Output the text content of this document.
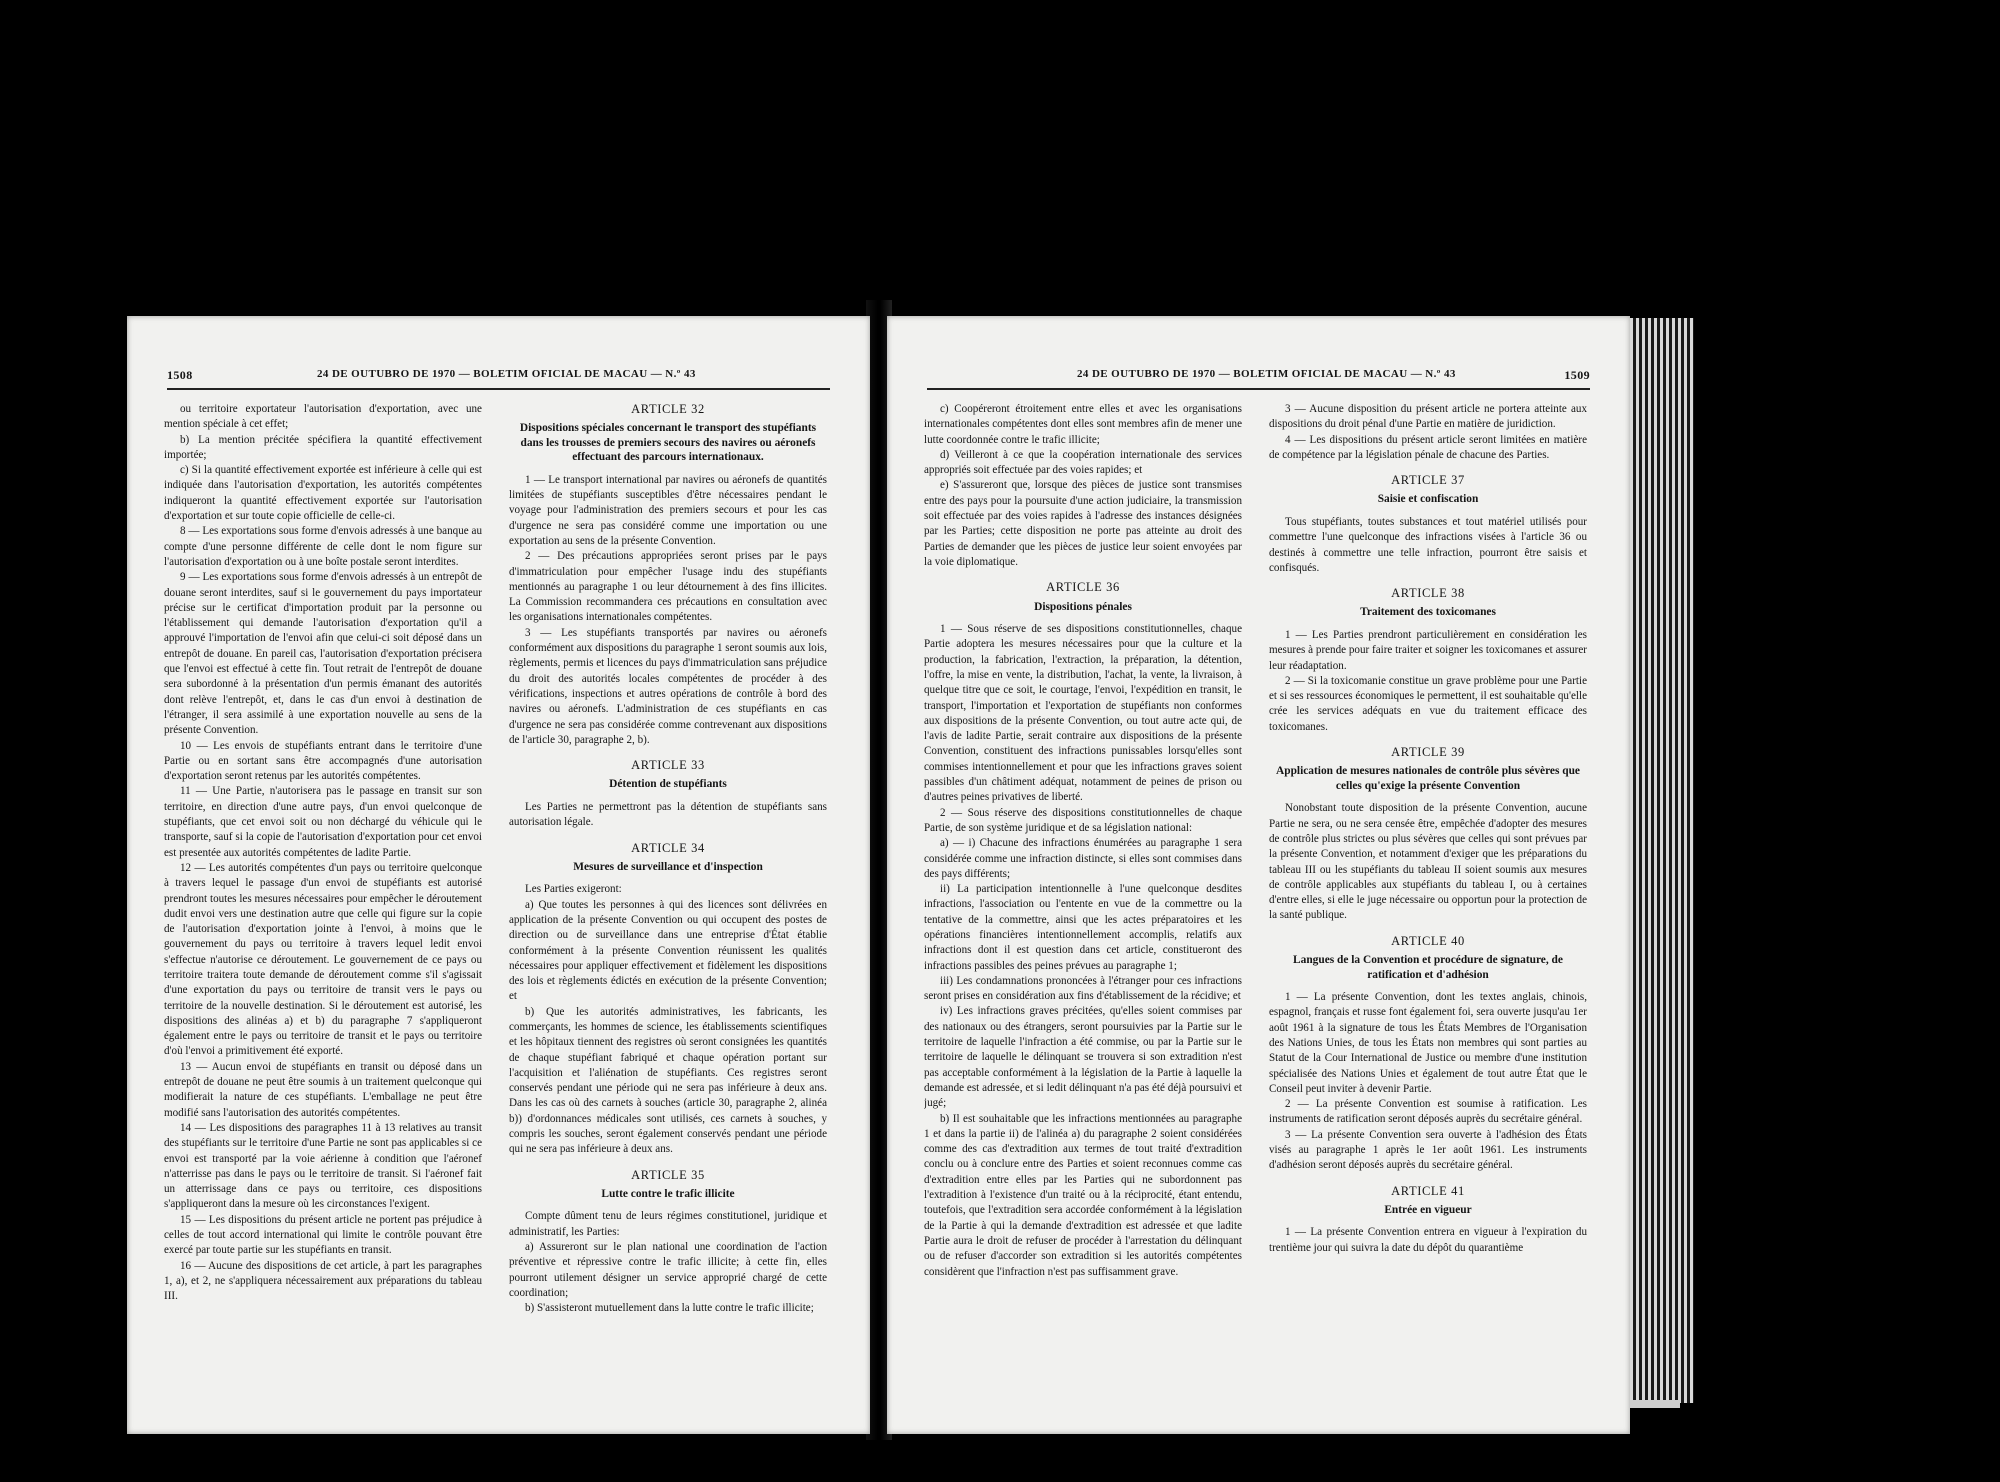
1508	24 DE OUTUBRO DE 1970 — BOLETIM OFICIAL DE MACAU — N.º 43

ou territoire exportateur l'autorisation d'exportation, avec une mention spéciale à cet effet;

b) La mention précitée spécifiera la quantité effectivement importée;

c) Si la quantité effectivement exportée est inférieure à celle qui est indiquée dans l'autorisation d'exportation, les autorités compétentes indiqueront la quantité effectivement exportée sur l'autorisation d'exportation et sur toute copie officielle de celle-ci.

8 — Les exportations sous forme d'envois adressés à une banque au compte d'une personne différente de celle dont le nom figure sur l'autorisation d'exportation ou à une boîte postale seront interdites.

9 — Les exportations sous forme d'envois adressés à un entrepôt de douane seront interdites, sauf si le gouvernement du pays importateur précise sur le certificat d'importation produit par la personne ou l'établissement qui demande l'autorisation d'exportation qu'il a approuvé l'importation de l'envoi afin que celui-ci soit déposé dans un entrepôt de douane. En pareil cas, l'autorisation d'exportation précisera que l'envoi est effectué à cette fin. Tout retrait de l'entrepôt de douane sera subordonné à la présentation d'un permis émanant des autorités dont relève l'entrepôt, et, dans le cas d'un envoi à destination de l'étranger, il sera assimilé à une exportation nouvelle au sens de la présente Convention.

10 — Les envois de stupéfiants entrant dans le territoire d'une Partie ou en sortant sans être accompagnés d'une autorisation d'exportation seront retenus par les autorités compétentes.

11 — Une Partie, n'autorisera pas le passage en transit sur son territoire, en direction d'une autre pays, d'un envoi quelconque de stupéfiants, que cet envoi soit ou non déchargé du véhicule qui le transporte, sauf si la copie de l'autorisation d'exportation pour cet envoi est presentée aux autorités compétentes de ladite Partie.

12 — Les autorités compétentes d'un pays ou territoire quelconque à travers lequel le passage d'un envoi de stupéfiants est autorisé prendront toutes les mesures nécessaires pour empêcher le déroutement dudit envoi vers une destination autre que celle qui figure sur la copie de l'autorisation d'exportation jointe à l'envoi, à moins que le gouvernement du pays ou territoire à travers lequel ledit envoi s'effectue n'autorise ce déroutement. Le gouvernement de ce pays ou territoire traitera toute demande de déroutement comme s'il s'agissait d'une exportation du pays ou territoire de transit vers le pays ou territoire de la nouvelle destination. Si le déroutement est autorisé, les dispositions des alinéas a) et b) du paragraphe 7 s'appliqueront également entre le pays ou territoire de transit et le pays ou territoire d'où l'envoi a primitivement été exporté.

13 — Aucun envoi de stupéfiants en transit ou déposé dans un entrepôt de douane ne peut être soumis à un traitement quelconque qui modifierait la nature de ces stupéfiants. L'emballage ne peut être modifié sans l'autorisation des autorités compétentes.

14 — Les dispositions des paragraphes 11 à 13 relatives au transit des stupéfiants sur le territoire d'une Partie ne sont pas applicables si ce envoi est transporté par la voie aérienne à condition que l'aéronef n'atterrisse pas dans le pays ou le territoire de transit. Si l'aéronef fait un atterrissage dans ce pays ou territoire, ces dispositions s'appliqueront dans la mesure où les circonstances l'exigent.

15 — Les dispositions du présent article ne portent pas préjudice à celles de tout accord international qui limite le contrôle pouvant être exercé par toute partie sur les stupéfiants en transit.

16 — Aucune des dispositions de cet article, à part les paragraphes 1, a), et 2, ne s'appliquera nécessairement aux préparations du tableau III.

ARTICLE 32
Dispositions spéciales concernant le transport des stupéfiants dans les trousses de premiers secours des navires ou aéronefs effectuant des parcours internationaux.

1 — Le transport international par navires ou aéronefs de quantités limitées de stupéfiants susceptibles d'être nécessaires pendant le voyage pour l'administration des premiers secours et pour les cas d'urgence ne sera pas considéré comme une importation ou une exportation au sens de la présente Convention.

2 — Des précautions appropriées seront prises par le pays d'immatriculation pour empêcher l'usage indu des stupéfiants mentionnés au paragraphe 1 ou leur détournement à des fins illicites. La Commission recommandera ces précautions en consultation avec les organisations internationales compétentes.

3 — Les stupéfiants transportés par navires ou aéronefs conformément aux dispositions du paragraphe 1 seront soumis aux lois, règlements, permis et licences du pays d'immatriculation sans préjudice du droit des autorités locales compétentes de procéder à des vérifications, inspections et autres opérations de contrôle à bord des navires ou aéronefs. L'administration de ces stupéfiants en cas d'urgence ne sera pas considérée comme contrevenant aux dispositions de l'article 30, paragraphe 2, b).

ARTICLE 33
Détention de stupéfiants

Les Parties ne permettront pas la détention de stupéfiants sans autorisation légale.

ARTICLE 34
Mesures de surveillance et d'inspection

Les Parties exigeront:

a) Que toutes les personnes à qui des licences sont délivrées en application de la présente Convention ou qui occupent des postes de direction ou de surveillance dans une entreprise d'État établie conformément à la présente Convention réunissent les qualités nécessaires pour appliquer effectivement et fidèlement les dispositions des lois et règlements édictés en exécution de la présente Convention; et

b) Que les autorités administratives, les fabricants, les commerçants, les hommes de science, les établissements scientifiques et les hôpitaux tiennent des registres où seront consignées les quantités de chaque stupéfiant fabriqué et chaque opération portant sur l'acquisition et l'aliénation de stupéfiants. Ces registres seront conservés pendant une période qui ne sera pas inférieure à deux ans. Dans les cas où des carnets à souches (article 30, paragraphe 2, alinéa b)) d'ordonnances médicales sont utilisés, ces carnets à souches, y compris les souches, seront également conservés pendant une période qui ne sera pas inférieure à deux ans.

ARTICLE 35
Lutte contre le trafic illicite

Compte dûment tenu de leurs régimes constitutionel, juridique et administratif, les Parties:

a) Assureront sur le plan national une coordination de l'action préventive et répressive contre le trafic illicite; à cette fin, elles pourront utilement désigner un service approprié chargé de cette coordination;

b) S'assisteront mutuellement dans la lutte contre le trafic illicite;

24 DE OUTUBRO DE 1970 — BOLETIM OFICIAL DE MACAU — N.º 43	1509

c) Coopéreront étroitement entre elles et avec les organisations internationales compétentes dont elles sont membres afin de mener une lutte coordonnée contre le trafic illicite;

d) Veilleront à ce que la coopération internationale des services appropriés soit effectuée par des voies rapides; et

e) S'assureront que, lorsque des pièces de justice sont transmises entre des pays pour la poursuite d'une action judiciaire, la transmission soit effectuée par des voies rapides à l'adresse des instances désignées par les Parties; cette disposition ne porte pas atteinte au droit des Parties de demander que les pièces de justice leur soient envoyées par la voie diplomatique.

ARTICLE 36
Dispositions pénales

1 — Sous réserve de ses dispositions constitutionnelles, chaque Partie adoptera les mesures nécessaires pour que la culture et la production, la fabrication, l'extraction, la préparation, la détention, l'offre, la mise en vente, la distribution, l'achat, la vente, la livraison, à quelque titre que ce soit, le courtage, l'envoi, l'expédition en transit, le transport, l'importation et l'exportation de stupéfiants non conformes aux dispositions de la présente Convention, ou tout autre acte qui, de l'avis de ladite Partie, serait contraire aux dispositions de la présente Convention, constituent des infractions punissables lorsqu'elles sont commises intentionnellement et pour que les infractions graves soient passibles d'un châtiment adéquat, notamment de peines de prison ou d'autres peines privatives de liberté.

2 — Sous réserve des dispositions constitutionnelles de chaque Partie, de son système juridique et de sa législation national:

a) — i) Chacune des infractions énumérées au paragraphe 1 sera considérée comme une infraction distincte, si elles sont commises dans des pays différents;

ii) La participation intentionnelle à l'une quelconque desdites infractions, l'association ou l'entente en vue de la commettre ou la tentative de la commettre, ainsi que les actes préparatoires et les opérations financières intentionnellement accomplis, relatifs aux infractions dont il est question dans cet article, constitueront des infractions passibles des peines prévues au paragraphe 1;

iii) Les condamnations prononcées à l'étranger pour ces infractions seront prises en considération aux fins d'établissement de la récidive; et

iv) Les infractions graves précitées, qu'elles soient commises par des nationaux ou des étrangers, seront poursuivies par la Partie sur le territoire de laquelle l'infraction a été commise, ou par la Partie sur le territoire de laquelle le délinquant se trouvera si son extradition n'est pas acceptable conformément à la législation de la Partie à laquelle la demande est adressée, et si ledit délinquant n'a pas été déjà poursuivi et jugé;

b) Il est souhaitable que les infractions mentionnées au paragraphe 1 et dans la partie ii) de l'alinéa a) du paragraphe 2 soient considérées comme des cas d'extradition aux termes de tout traité d'extradition conclu ou à conclure entre des Parties et soient reconnues comme cas d'extradition entre elles par les Parties qui ne subordonnent pas l'extradition à l'existence d'un traité ou à la réciprocité, étant entendu, toutefois, que l'extradition sera accordée conformément à la législation de la Partie à qui la demande d'extradition est adressée et que ladite Partie aura le droit de refuser de procéder à l'arrestation du délinquant ou de refuser d'accorder son extradition si les autorités compétentes considèrent que l'infraction n'est pas suffisamment grave.

3 — Aucune disposition du présent article ne portera atteinte aux dispositions du droit pénal d'une Partie en matière de juridiction.

4 — Les dispositions du présent article seront limitées en matière de compétence par la législation pénale de chacune des Parties.

ARTICLE 37
Saisie et confiscation

Tous stupéfiants, toutes substances et tout matériel utilisés pour commettre l'une quelconque des infractions visées à l'article 36 ou destinés à commettre une telle infraction, pourront être saisis et confisqués.

ARTICLE 38
Traitement des toxicomanes

1 — Les Parties prendront particulièrement en considération les mesures à prende pour faire traiter et soigner les toxicomanes et assurer leur réadaptation.

2 — Si la toxicomanie constitue un grave problème pour une Partie et si ses ressources économiques le permettent, il est souhaitable qu'elle crée les services adéquats en vue du traitement efficace des toxicomanes.

ARTICLE 39
Application de mesures nationales de contrôle plus sévères que celles qu'exige la présente Convention

Nonobstant toute disposition de la présente Convention, aucune Partie ne sera, ou ne sera censée être, empêchée d'adopter des mesures de contrôle plus strictes ou plus sévères que celles qui sont prévues par la présente Convention, et notamment d'exiger que les préparations du tableau III ou les stupéfiants du tableau II soient soumis aux mesures de contrôle applicables aux stupéfiants du tableau I, ou à certaines d'entre elles, si elle le juge nécessaire ou opportun pour la protection de la santé publique.

ARTICLE 40
Langues de la Convention et procédure de signature, de ratification et d'adhésion

1 — La présente Convention, dont les textes anglais, chinois, espagnol, français et russe font également foi, sera ouverte jusqu'au 1er août 1961 à la signature de tous les États Membres de l'Organisation des Nations Unies, de tous les États non membres qui sont parties au Statut de la Cour International de Justice ou membre d'une institution spécialisée des Nations Unies et également de tout autre État que le Conseil peut inviter à devenir Partie.

2 — La présente Convention est soumise à ratification. Les instruments de ratification seront déposés auprès du secrétaire général.

3 — La présente Convention sera ouverte à l'adhésion des États visés au paragraphe 1 après le 1er août 1961. Les instruments d'adhésion seront déposés auprès du secrétaire général.

ARTICLE 41
Entrée en vigueur

1 — La présente Convention entrera en vigueur à l'expiration du trentième jour qui suivra la date du dépôt du quarantième
